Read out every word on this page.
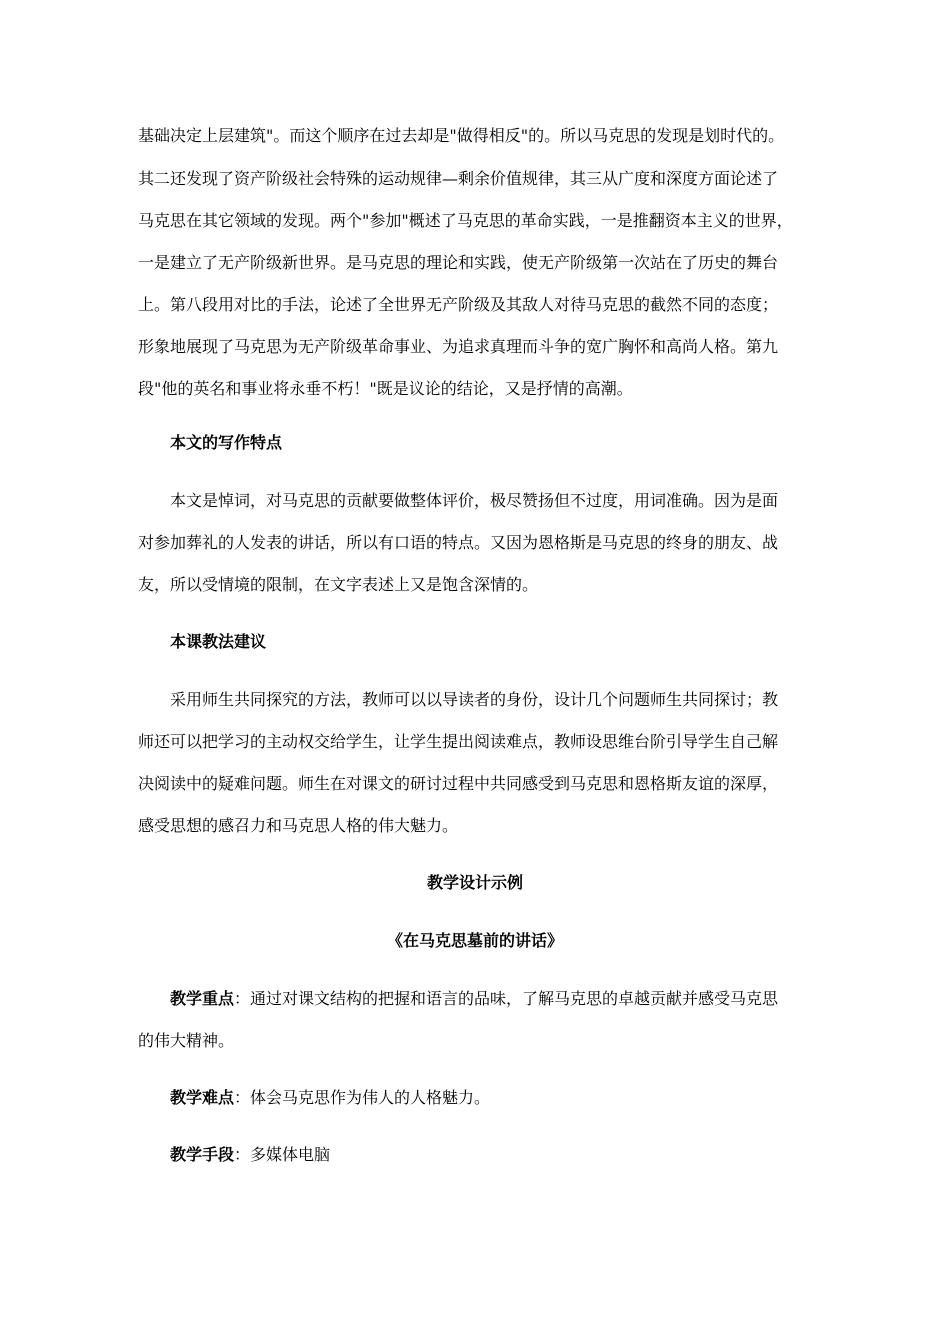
基础决定上层建筑"。而这个顺序在过去却是"做得相反"的。所以马克思的发现是划时代的。
其二还发现了资产阶级社会特殊的运动规律—剩余价值规律，其三从广度和深度方面论述了
马克思在其它领域的发现。两个"参加"概述了马克思的革命实践，一是推翻资本主义的世界，
一是建立了无产阶级新世界。是马克思的理论和实践，使无产阶级第一次站在了历史的舞台
上。第八段用对比的手法，论述了全世界无产阶级及其敌人对待马克思的截然不同的态度；
形象地展现了马克思为无产阶级革命事业、为追求真理而斗争的宽广胸怀和高尚人格。第九
段"他的英名和事业将永垂不朽！"既是议论的结论，又是抒情的高潮。
本文的写作特点
本文是悼词，对马克思的贡献要做整体评价，极尽赞扬但不过度，用词准确。因为是面
对参加葬礼的人发表的讲话，所以有口语的特点。又因为恩格斯是马克思的终身的朋友、战
友，所以受情境的限制，在文字表述上又是饱含深情的。
本课教法建议
采用师生共同探究的方法，教师可以以导读者的身份，设计几个问题师生共同探讨；教
师还可以把学习的主动权交给学生，让学生提出阅读难点，教师设思维台阶引导学生自己解
决阅读中的疑难问题。师生在对课文的研讨过程中共同感受到马克思和恩格斯友谊的深厚，
感受思想的感召力和马克思人格的伟大魅力。
教学设计示例
《在马克思墓前的讲话》
教学重点：通过对课文结构的把握和语言的品味，了解马克思的卓越贡献并感受马克思
的伟大精神。
教学难点：体会马克思作为伟人的人格魅力。
教学手段：多媒体电脑
